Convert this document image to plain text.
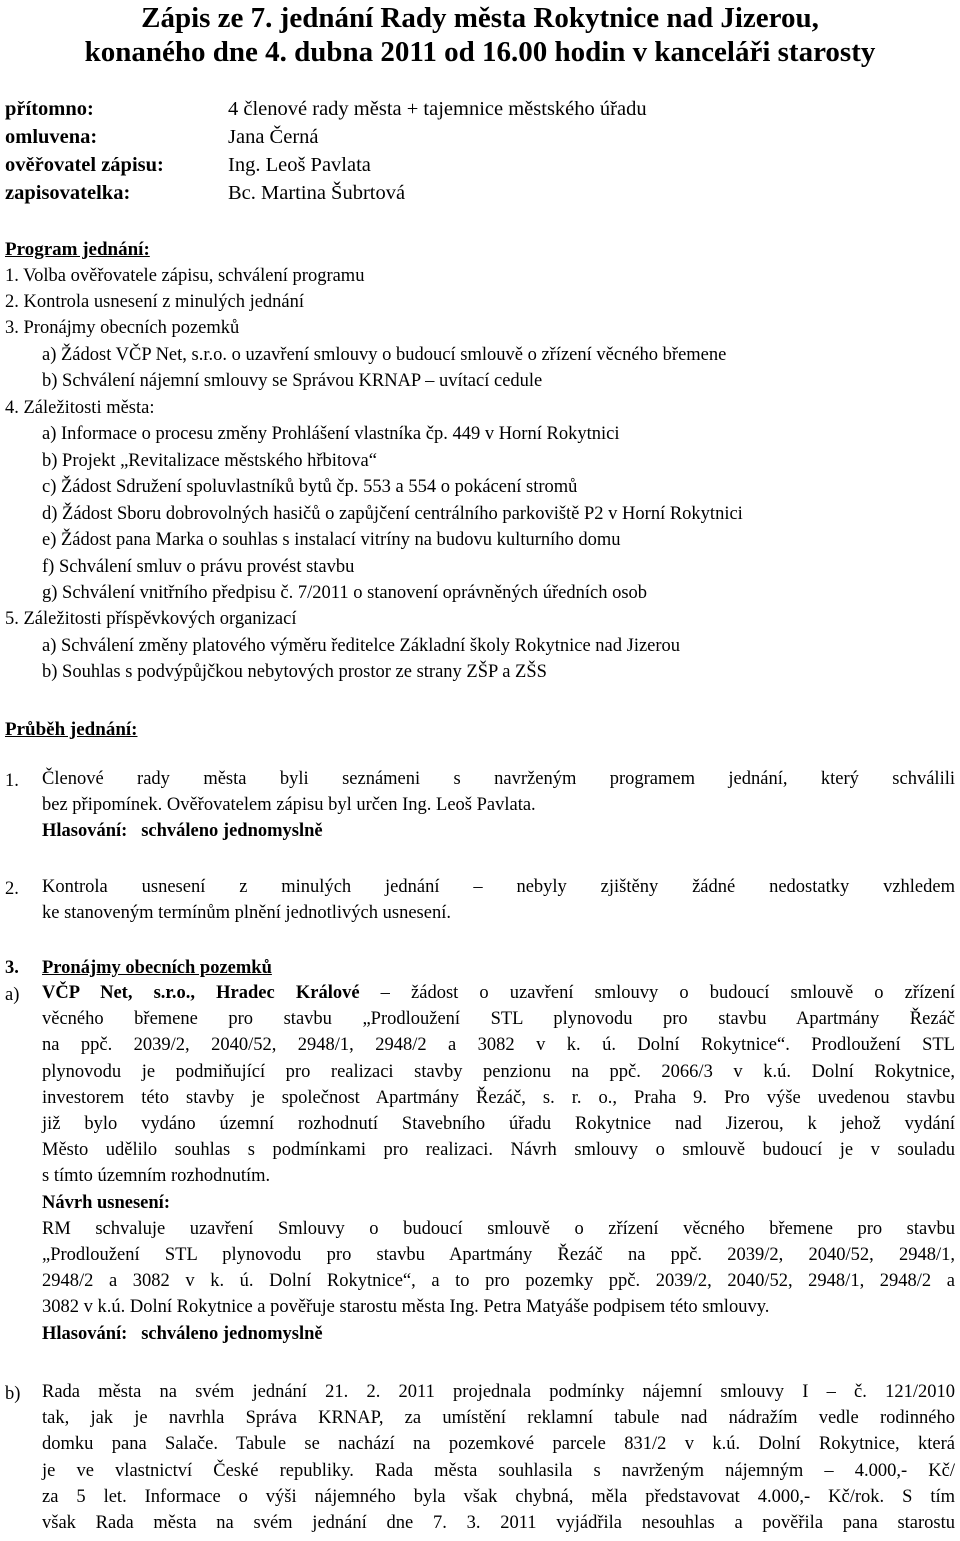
Zápis ze 7. jednání Rady města Rokytnice nad Jizerou,
konaného dne 4. dubna 2011 od 16.00 hodin v kanceláři starosty
přítomno:
omluvena:
ověřovatel zápisu:
zapisovatelka:
4 členové rady města + tajemnice městského úřadu
Jana Černá
Ing. Leoš Pavlata
Bc. Martina Šubrtová
Program jednání:
1. Volba ověřovatele zápisu, schválení programu
2. Kontrola usnesení z minulých jednání
3. Pronájmy obecních pozemků
a) Žádost VČP Net, s.r.o. o uzavření smlouvy o budoucí smlouvě o zřízení věcného břemene
b) Schválení nájemní smlouvy se Správou KRNAP – uvítací cedule
4. Záležitosti města:
a) Informace o procesu změny Prohlášení vlastníka čp. 449 v Horní Rokytnici
b) Projekt „Revitalizace městského hřbitova“
c) Žádost Sdružení spoluvlastníků bytů čp. 553 a 554 o pokácení stromů
d) Žádost Sboru dobrovolných hasičů o zapůjčení centrálního parkoviště P2 v Horní Rokytnici
e) Žádost pana Marka o souhlas s instalací vitríny na budovu kulturního domu
f) Schválení smluv o právu provést stavbu
g) Schválení vnitřního předpisu č. 7/2011 o stanovení oprávněných úředních osob
5. Záležitosti příspěvkových organizací
a) Schválení změny platového výměru ředitelce Základní školy Rokytnice nad Jizerou
b) Souhlas s podvýpůjčkou nebytových prostor ze strany ZŠP a ZŠS
Průběh jednání:
1. Členové rady města byli seznámeni s navrženým programem jednání, který schválili
bez připomínek. Ověřovatelem zápisu byl určen Ing. Leoš Pavlata.
Hlasování:   schváleno jednomyslně
2. Kontrola usnesení z minulých jednání – nebyly zjištěny žádné nedostatky vzhledem
ke stanoveným termínům plnění jednotlivých usnesení.
3. Pronájmy obecních pozemků
a) VČP Net, s.r.o., Hradec Králové – žádost o uzavření smlouvy o budoucí smlouvě o zřízení
věcného břemene pro stavbu „Prodloužení STL plynovodu pro stavbu Apartmány Řezáč
na ppč. 2039/2, 2040/52, 2948/1, 2948/2 a 3082 v k. ú. Dolní Rokytnice“. Prodloužení STL
plynovodu je podmiňující pro realizaci stavby penzionu na ppč. 2066/3 v k.ú. Dolní Rokytnice,
investorem této stavby je společnost Apartmány Řezáč, s. r. o., Praha 9. Pro výše uvedenou stavbu
již bylo vydáno územní rozhodnutí Stavebního úřadu Rokytnice nad Jizerou, k jehož vydání
Město udělilo souhlas s podmínkami pro realizaci. Návrh smlouvy o smlouvě budoucí je v souladu
s tímto územním rozhodnutím.
Návrh usnesení:
RM schvaluje uzavření Smlouvy o budoucí smlouvě o zřízení věcného břemene pro stavbu
„Prodloužení STL plynovodu pro stavbu Apartmány Řezáč na ppč. 2039/2, 2040/52, 2948/1,
2948/2 a 3082 v k. ú. Dolní Rokytnice“, a to pro pozemky ppč. 2039/2, 2040/52, 2948/1, 2948/2 a
3082 v k.ú. Dolní Rokytnice a pověřuje starostu města Ing. Petra Matyáše podpisem této smlouvy.
Hlasování:   schváleno jednomyslně
b) Rada města na svém jednání 21. 2. 2011 projednala podmínky nájemní smlouvy I – č. 121/2010
tak, jak je navrhla Správa KRNAP, za umístění reklamní tabule nad nádražím vedle rodinného
domku pana Salače. Tabule se nachází na pozemkové parcele 831/2 v k.ú. Dolní Rokytnice, která
je ve vlastnictví České republiky. Rada města souhlasila s navrženým nájemným – 4.000,- Kč/
za 5 let. Informace o výši nájemného byla však chybná, měla představovat 4.000,- Kč/rok. S tím
však Rada města na svém jednání dne 7. 3. 2011 vyjádřila nesouhlas a pověřila pana starostu
